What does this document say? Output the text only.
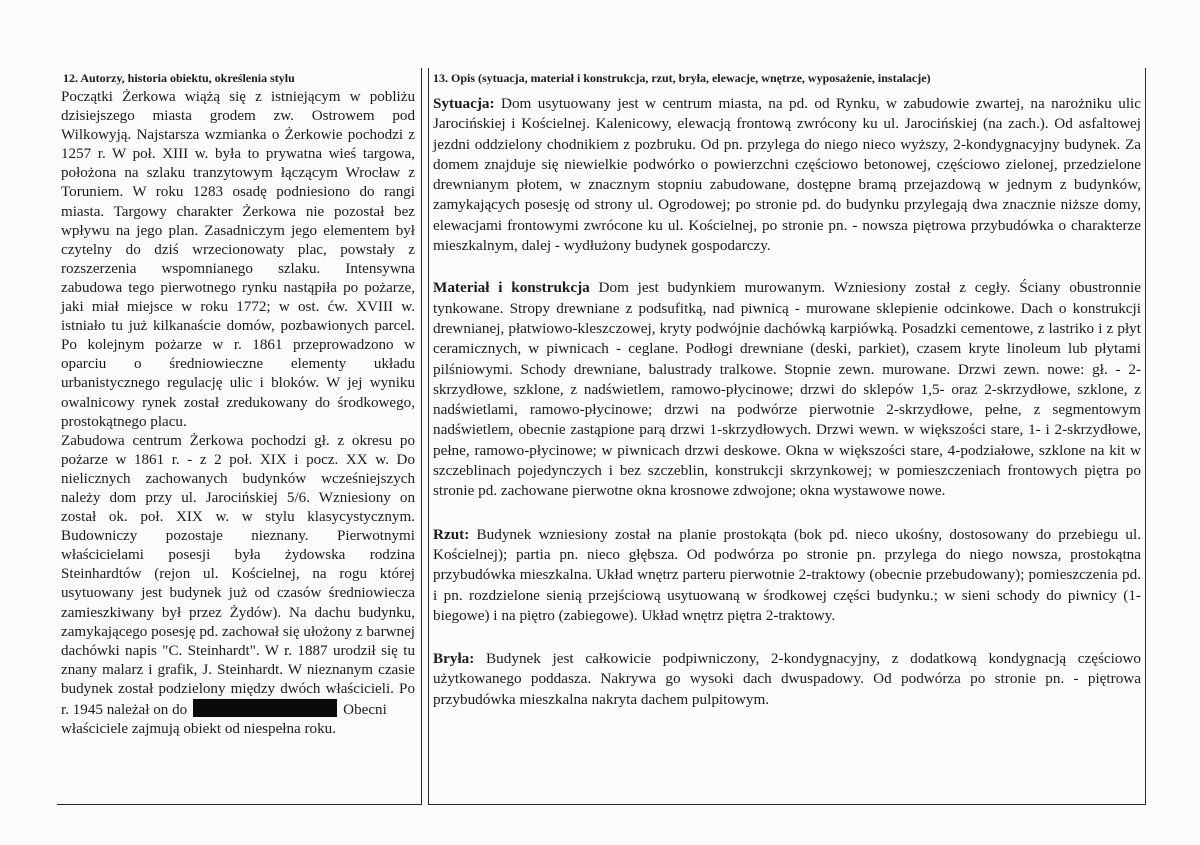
12. Autorzy, historia obiektu, określenia stylu

Początki Żerkowa wiążą się z istniejącym w pobliżu dzisiejszego miasta grodem zw. Ostrowem pod Wilkowyją. Najstarsza wzmianka o Żerkowie pochodzi z 1257 r. W poł. XIII w. była to prywatna wieś targowa, położona na szlaku tranzytowym łączącym Wrocław z Toruniem. W roku 1283 osadę podniesiono do rangi miasta. Targowy charakter Żerkowa nie pozostał bez wpływu na jego plan. Zasadniczym jego elementem był czytelny do dziś wrzecionowaty plac, powstały z rozszerzenia wspomnianego szlaku. Intensywna zabudowa tego pierwotnego rynku nastąpiła po pożarze, jaki miał miejsce w roku 1772; w ost. ćw. XVIII w. istniało tu już kilkanaście domów, pozbawionych parcel. Po kolejnym pożarze w r. 1861 przeprowadzono w oparciu o średniowieczne elementy układu urbanistycznego regulację ulic i bloków. W jej wyniku owalnicowy rynek został zredukowany do środkowego, prostokątnego placu.

Zabudowa centrum Żerkowa pochodzi gł. z okresu po pożarze w 1861 r. - z 2 poł. XIX i pocz. XX w. Do nielicznych zachowanych budynków wcześniejszych należy dom przy ul. Jarocińskiej 5/6. Wzniesiony on został ok. poł. XIX w. w stylu klasycystycznym. Budowniczy pozostaje nieznany. Pierwotnymi właścicielami posesji była żydowska rodzina Steinhardtów (rejon ul. Kościelnej, na rogu której usytuowany jest budynek już od czasów średniowiecza zamieszkiwany był przez Żydów). Na dachu budynku, zamykającego posesję pd. zachował się ułożony z barwnej dachówki napis "C. Steinhardt". W r. 1887 urodził się tu znany malarz i grafik, J. Steinhardt. W nieznanym czasie budynek został podzielony między dwóch właścicieli. Po r. 1945 należał on do	Obecni

właściciele zajmują obiekt od niespełna roku.

13. Opis (sytuacja, materiał i konstrukcja, rzut, bryła, elewacje, wnętrze, wyposażenie, instalacje)
Sytuacja: Dom usytuowany jest w centrum miasta, na pd. od Rynku, w zabudowie zwartej, na narożniku ulic Jarocińskiej i Kościelnej. Kalenicowy, elewacją frontową zwrócony ku ul. Jarocińskiej (na zach.). Od asfaltowej jezdni oddzielony chodnikiem z pozbruku. Od pn. przylega do niego nieco wyższy, 2-kondygnacyjny budynek. Za domem znajduje się niewielkie podwórko o powierzchni częściowo betonowej, częściowo zielonej, przedzielone drewnianym płotem, w znacznym stopniu zabudowane, dostępne bramą przejazdową w jednym z budynków, zamykających posesję od strony ul. Ogrodowej; po stronie pd. do budynku przylegają dwa znacznie niższe domy, elewacjami frontowymi zwrócone ku ul. Kościelnej, po stronie pn. - nowsza piętrowa przybudówka o charakterze mieszkalnym, dalej - wydłużony budynek gospodarczy.
Materiał i konstrukcja Dom jest budynkiem murowanym. Wzniesiony został z cegły. Ściany obustronnie tynkowane. Stropy drewniane z podsufitką, nad piwnicą - murowane sklepienie odcinkowe. Dach o konstrukcji drewnianej, płatwiowo-kleszczowej, kryty podwójnie dachówką karpiówką. Posadzki cementowe, z lastriko i z płyt ceramicznych, w piwnicach - ceglane. Podłogi drewniane (deski, parkiet), czasem kryte linoleum lub płytami pilśniowymi. Schody drewniane, balustrady tralkowe. Stopnie zewn. murowane. Drzwi zewn. nowe: gł. - 2-skrzydłowe, szklone, z nadświetlem, ramowo-płycinowe; drzwi do sklepów 1,5- oraz 2-skrzydłowe, szklone, z nadświetlami, ramowo-płycinowe; drzwi na podwórze pierwotnie 2-skrzydłowe, pełne, z segmentowym nadświetlem, obecnie zastąpione parą drzwi 1-skrzydłowych. Drzwi wewn. w większości stare, 1- i 2-skrzydłowe, pełne, ramowo-płycinowe; w piwnicach drzwi deskowe. Okna w większości stare, 4-podziałowe, szklone na kit w szczeblinach pojedynczych i bez szczeblin, konstrukcji skrzynkowej; w pomieszczeniach frontowych piętra po stronie pd. zachowane pierwotne okna krosnowe zdwojone; okna wystawowe nowe.
Rzut: Budynek wzniesiony został na planie prostokąta (bok pd. nieco ukośny, dostosowany do przebiegu ul. Kościelnej); partia pn. nieco głębsza. Od podwórza po stronie pn. przylega do niego nowsza, prostokątna przybudówka mieszkalna. Układ wnętrz parteru pierwotnie 2-traktowy (obecnie przebudowany); pomieszczenia pd. i pn. rozdzielone sienią przejściową usytuowaną w środkowej części budynku.; w sieni schody do piwnicy (1-biegowe) i na piętro (zabiegowe). Układ wnętrz piętra 2-traktowy.
Bryła: Budynek jest całkowicie podpiwniczony, 2-kondygnacyjny, z dodatkową kondygnacją częściowo użytkowanego poddasza. Nakrywa go wysoki dach dwuspadowy. Od podwórza po stronie pn. - piętrowa przybudówka mieszkalna nakryta dachem pulpitowym.
